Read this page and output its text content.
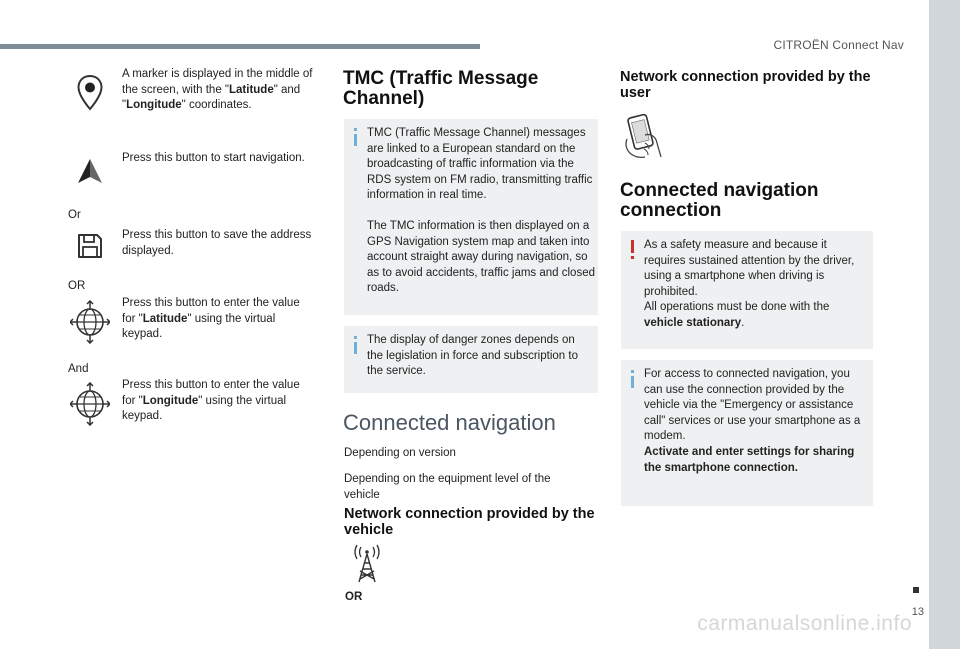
CITROËN Connect Nav
13
carmanualsonline.info
A marker is displayed in the middle of the screen, with the "Latitude" and "Longitude" coordinates.
Press this button to start navigation.
Or
Press this button to save the address displayed.
OR
Press this button to enter the value for "Latitude" using the virtual keypad.
And
Press this button to enter the value for "Longitude" using the virtual keypad.
TMC (Traffic Message Channel)
TMC (Traffic Message Channel) messages are linked to a European standard on the broadcasting of traffic information via the RDS system on FM radio, transmitting traffic information in real time.
The TMC information is then displayed on a GPS Navigation system map and taken into account straight away during navigation, so as to avoid accidents, traffic jams and closed roads.
The display of danger zones depends on the legislation in force and subscription to the service.
Connected navigation
Depending on version
Depending on the equipment level of the vehicle
Network connection provided by the vehicle
OR
Network connection provided by the user
Connected navigation connection
As a safety measure and because it requires sustained attention by the driver, using a smartphone when driving is prohibited.
All operations must be done with the vehicle stationary.
For access to connected navigation, you can use the connection provided by the vehicle via the "Emergency or assistance call" services or use your smartphone as a modem.
Activate and enter settings for sharing the smartphone connection.
